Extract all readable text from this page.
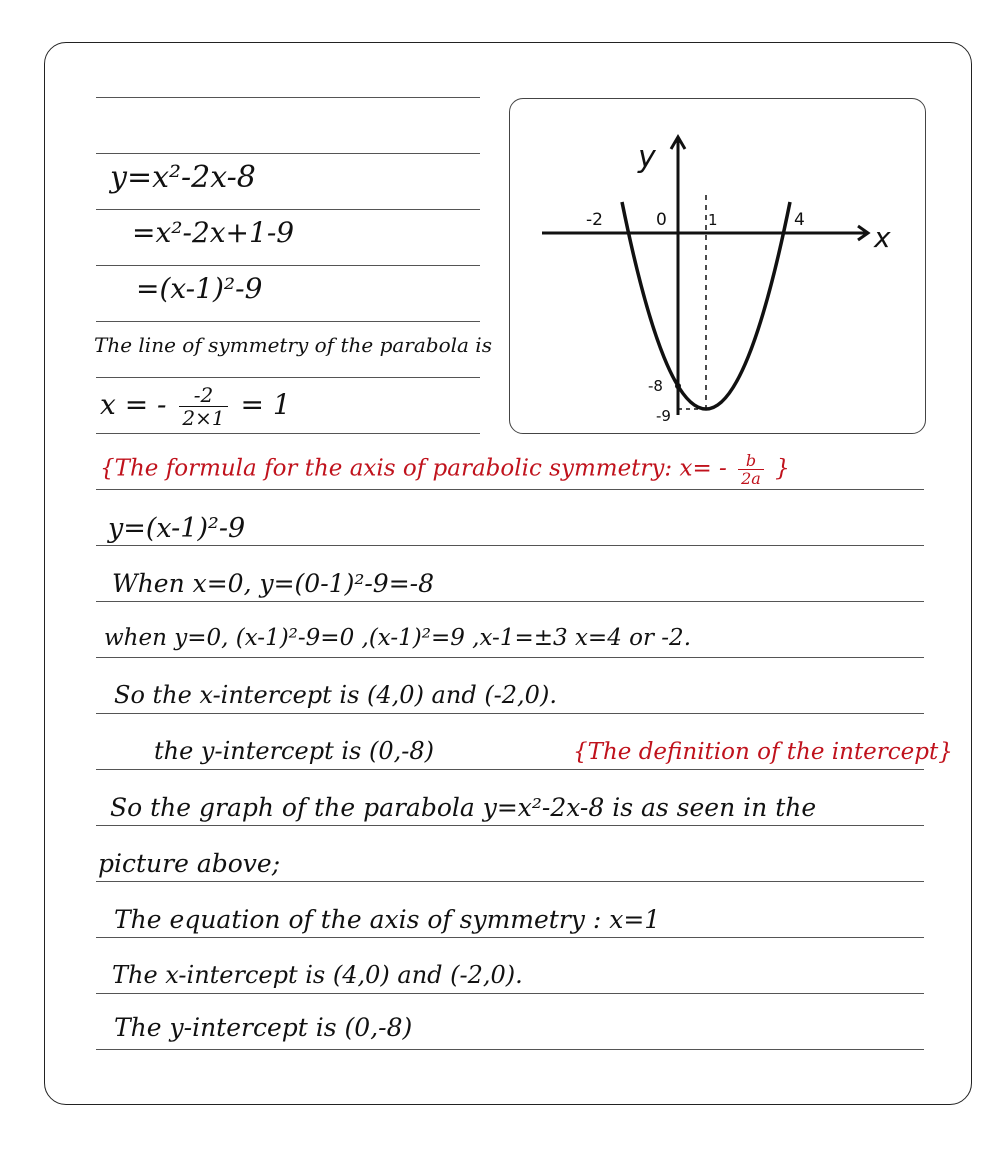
y=x²-2x-8
=x²-2x+1-9
=(x-1)²-9
The line of symmetry of the parabola is
x = - $\frac{-2}{2\times 1} = 1$
y
x
0
-2	1	4
-8
-9
{The formula for the axis of parabolic symmetry: $x= - \frac{b}{2a}$ }
y=(x-1)²-9
When x=0, y=(0-1)²-9=-8
when y=0, (x-1)²-9=0 ,(x-1)²=9 ,x-1=±3 x=4 or -2.
So the x-intercept is (4,0) and (-2,0).
the y-intercept is (0,-8)	{The definition of the intercept}
So the graph of the parabola y=x²-2x-8 is as seen in the
picture above;
The equation of the axis of symmetry : x=1
The x-intercept is (4,0) and (-2,0).
The y-intercept is (0,-8)
